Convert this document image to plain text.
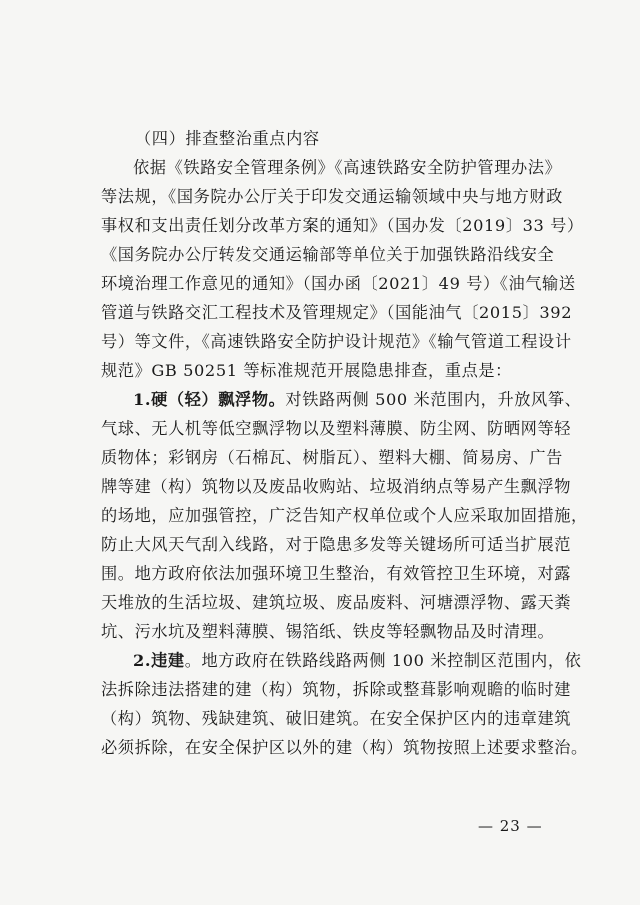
（四）排查整治重点内容

依据《铁路安全管理条例》《高速铁路安全防护管理办法》
等法规，《国务院办公厅关于印发交通运输领域中央与地方财政
事权和支出责任划分改革方案的通知》（国办发〔2019〕33 号）
《国务院办公厅转发交通运输部等单位关于加强铁路沿线安全
环境治理工作意见的通知》（国办函〔2021〕49 号）《油气输送
管道与铁路交汇工程技术及管理规定》（国能油气〔2015〕392
号）等文件，《高速铁路安全防护设计规范》《输气管道工程设计
规范》GB 50251 等标准规范开展隐患排查，重点是：

1.硬（轻）飘浮物。对铁路两侧 500 米范围内，升放风筝、
气球、无人机等低空飘浮物以及塑料薄膜、防尘网、防晒网等轻
质物体；彩钢房（石棉瓦、树脂瓦）、塑料大棚、简易房、广告
牌等建（构）筑物以及废品收购站、垃圾消纳点等易产生飘浮物
的场地，应加强管控，广泛告知产权单位或个人应采取加固措施，
防止大风天气刮入线路，对于隐患多发等关键场所可适当扩展范
围。地方政府依法加强环境卫生整治，有效管控卫生环境，对露
天堆放的生活垃圾、建筑垃圾、废品废料、河塘漂浮物、露天粪
坑、污水坑及塑料薄膜、锡箔纸、铁皮等轻飘物品及时清理。

2.违建。地方政府在铁路线路两侧 100 米控制区范围内，依
法拆除违法搭建的建（构）筑物，拆除或整葺影响观瞻的临时建
（构）筑物、残缺建筑、破旧建筑。在安全保护区内的违章建筑
必须拆除，在安全保护区以外的建（构）筑物按照上述要求整治。

— 23 —
